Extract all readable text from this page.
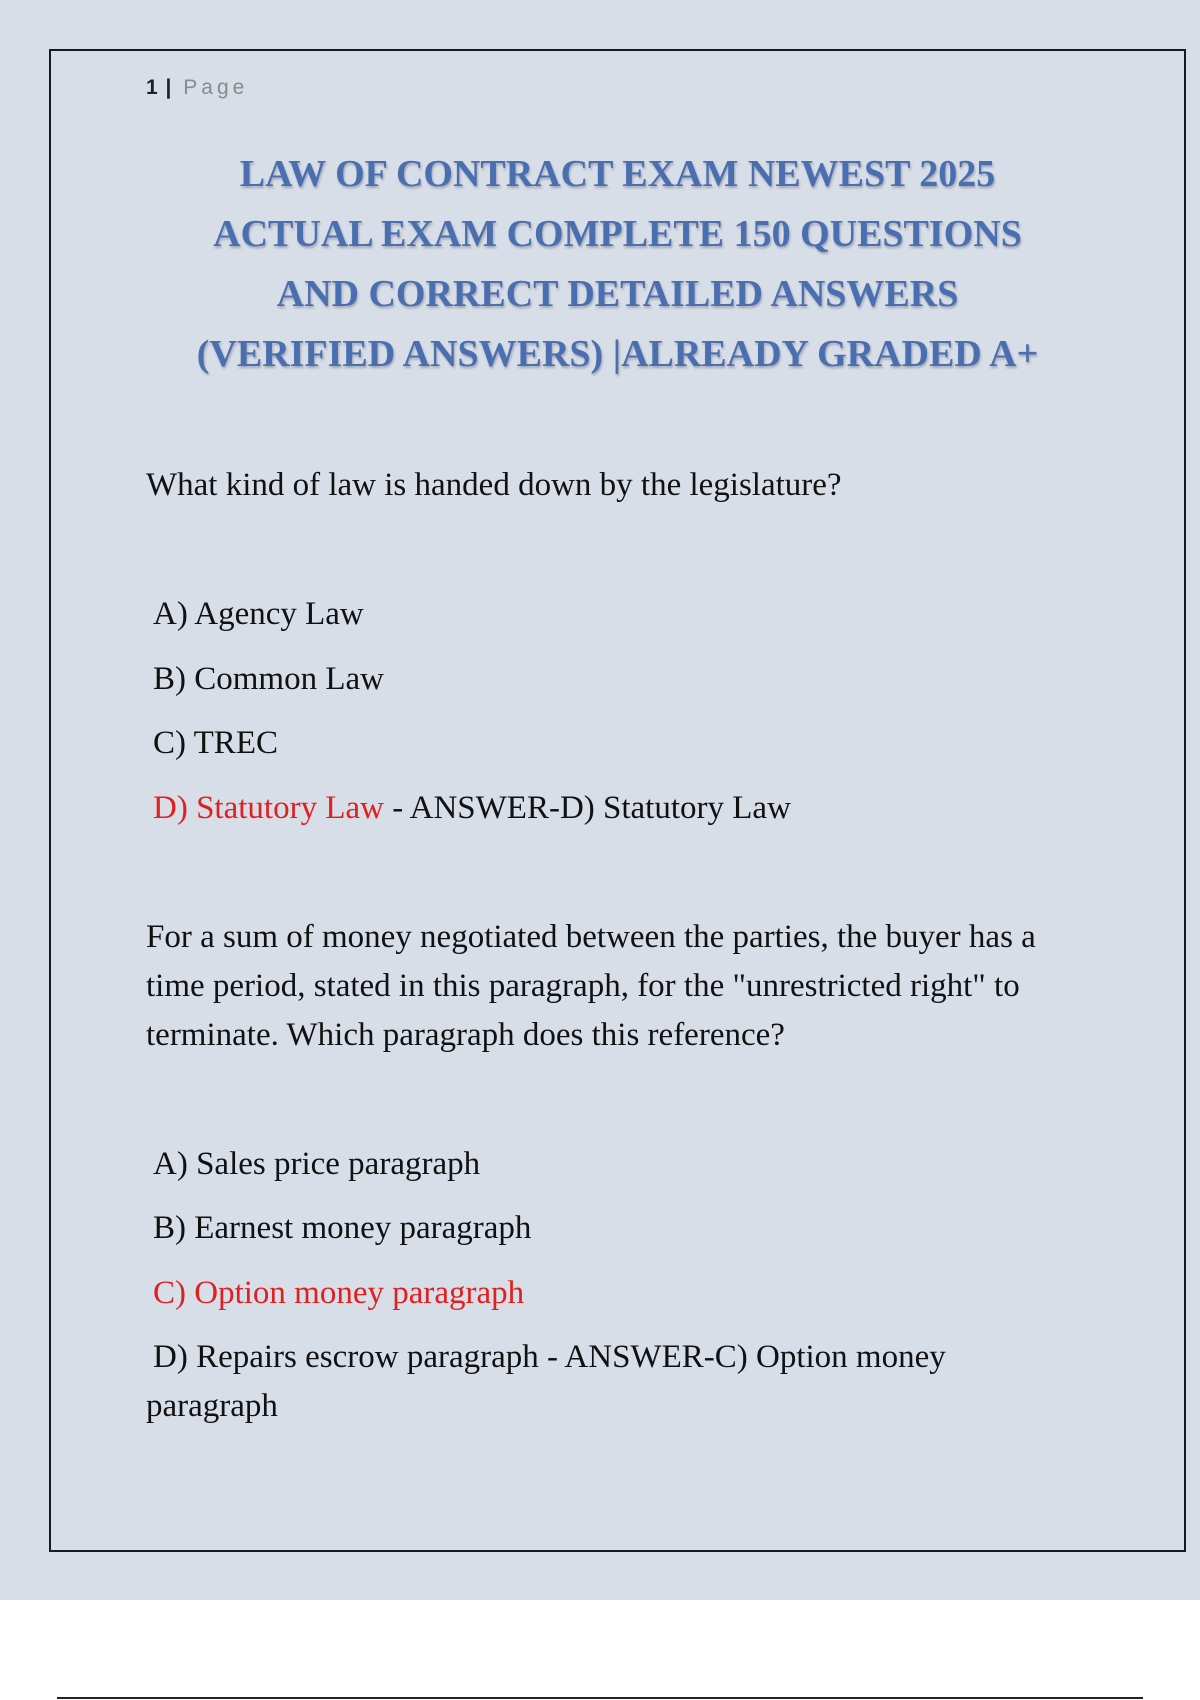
1 | Page
LAW OF CONTRACT EXAM NEWEST 2025
ACTUAL EXAM COMPLETE 150 QUESTIONS
AND CORRECT DETAILED ANSWERS
(VERIFIED ANSWERS) |ALREADY GRADED A+
What kind of law is handed down by the legislature?
A) Agency Law
B) Common Law
C) TREC
D) Statutory Law - ANSWER-D) Statutory Law
For a sum of money negotiated between the parties, the buyer has a time period, stated in this paragraph, for the "unrestricted right" to terminate. Which paragraph does this reference?
A) Sales price paragraph
B) Earnest money paragraph
C) Option money paragraph
D) Repairs escrow paragraph - ANSWER-C) Option money paragraph
